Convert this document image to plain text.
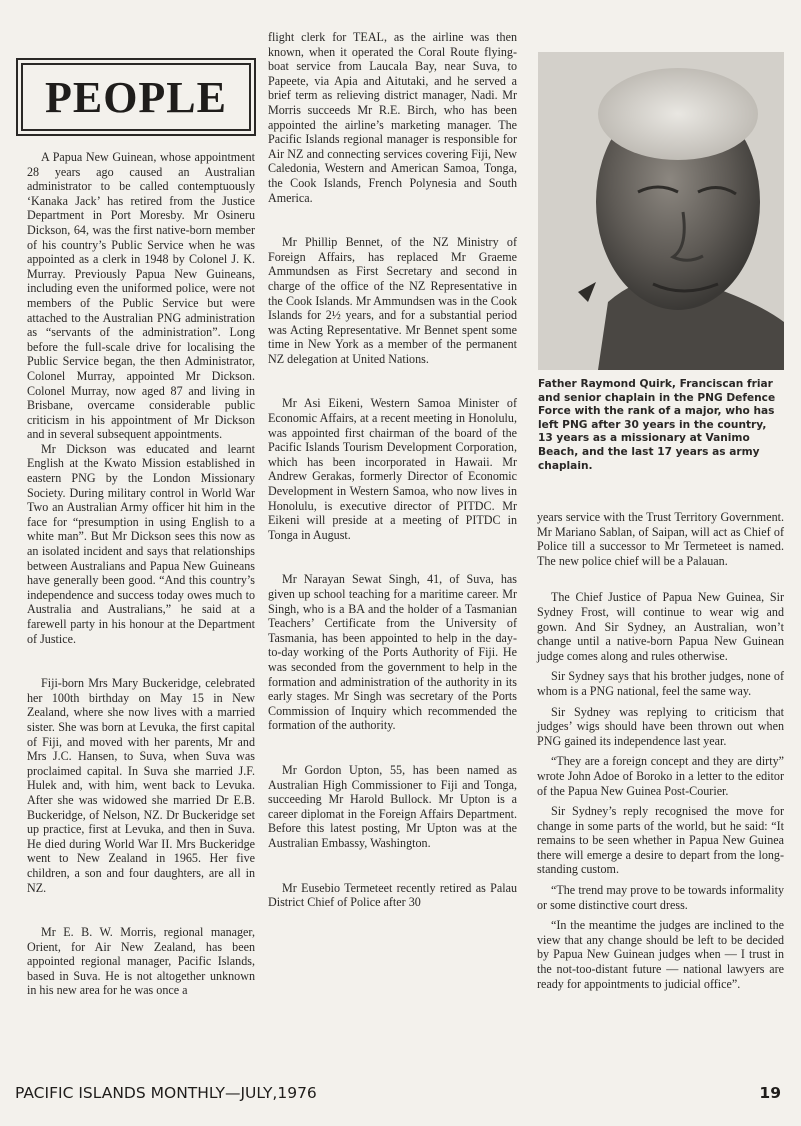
PEOPLE

A Papua New Guinean, whose appointment 28 years ago caused an Australian administrator to be called contemptuously ‘Kanaka Jack’ has retired from the Justice Department in Port Moresby. Mr Osineru Dickson, 64, was the first native-born member of his country’s Public Service when he was appointed as a clerk in 1948 by Colonel J. K. Murray. Previously Papua New Guineans, including even the uniformed police, were not members of the Public Service but were attached to the Australian PNG administration as “servants of the administration”. Long before the full-scale drive for localising the Public Service began, the then Administrator, Colonel Murray, appointed Mr Dickson. Colonel Murray, now aged 87 and living in Brisbane, overcame considerable public criticism in his appointment of Mr Dickson and in several subsequent appointments.

Mr Dickson was educated and learnt English at the Kwato Mission established in eastern PNG by the London Missionary Society. During military control in World War Two an Australian Army officer hit him in the face for “presumption in using English to a white man”. But Mr Dickson sees this now as an isolated incident and says that relationships between Australians and Papua New Guineans have generally been good. “And this country’s independence and success today owes much to Australia and Australians,” he said at a farewell party in his honour at the Department of Justice.

Fiji-born Mrs Mary Buckeridge, celebrated her 100th birthday on May 15 in New Zealand, where she now lives with a married sister. She was born at Levuka, the first capital of Fiji, and moved with her parents, Mr and Mrs J.C. Hansen, to Suva, when Suva was proclaimed capital. In Suva she married J.F. Hulek and, with him, went back to Levuka. After she was widowed she married Dr E.B. Buckeridge, of Nelson, NZ. Dr Buckeridge set up practice, first at Levuka, and then in Suva. He died during World War II. Mrs Buckeridge went to New Zealand in 1965. Her five children, a son and four daughters, are all in NZ.

Mr E. B. W. Morris, regional manager, Orient, for Air New Zealand, has been appointed regional manager, Pacific Islands, based in Suva. He is not altogether unknown in his new area for he was once a

flight clerk for TEAL, as the airline was then known, when it operated the Coral Route flying-boat service from Laucala Bay, near Suva, to Papeete, via Apia and Aitutaki, and he served a brief term as relieving district manager, Nadi. Mr Morris succeeds Mr R.E. Birch, who has been appointed the airline’s marketing manager. The Pacific Islands regional manager is responsible for Air NZ and connecting services covering Fiji, New Caledonia, Western and American Samoa, Tonga, the Cook Islands, French Polynesia and South America.

Mr Phillip Bennet, of the NZ Ministry of Foreign Affairs, has replaced Mr Graeme Ammundsen as First Secretary and second in charge of the office of the NZ Representative in the Cook Islands. Mr Ammundsen was in the Cook Islands for 2½ years, and for a substantial period was Acting Representative. Mr Bennet spent some time in New York as a member of the permanent NZ delegation at United Nations.

Mr Asi Eikeni, Western Samoa Minister of Economic Affairs, at a recent meeting in Honolulu, was appointed first chairman of the board of the Pacific Islands Tourism Development Corporation, which has been incorporated in Hawaii. Mr Andrew Gerakas, formerly Director of Economic Development in Western Samoa, who now lives in Honolulu, is executive director of PITDC. Mr Eikeni will preside at a meeting of PITDC in Tonga in August.

Mr Narayan Sewat Singh, 41, of Suva, has given up school teaching for a maritime career. Mr Singh, who is a BA and the holder of a Tasmanian Teachers’ Certificate from the University of Tasmania, has been appointed to help in the day-to-day working of the Ports Authority of Fiji. He was seconded from the government to help in the formation and administration of the authority in its early stages. Mr Singh was secretary of the Ports Commission of Inquiry which recommended the formation of the authority.

Mr Gordon Upton, 55, has been named as Australian High Commissioner to Fiji and Tonga, succeeding Mr Harold Bullock. Mr Upton is a career diplomat in the Foreign Affairs Department. Before this latest posting, Mr Upton was at the Australian Embassy, Washington.

Mr Eusebio Termeteet recently retired as Palau District Chief of Police after 30

Father Raymond Quirk, Franciscan friar and senior chaplain in the PNG Defence Force with the rank of a major, who has left PNG after 30 years in the country, 13 years as a missionary at Vanimo Beach, and the last 17 years as army chaplain.

years service with the Trust Territory Government. Mr Mariano Sablan, of Saipan, will act as Chief of Police till a successor to Mr Termeteet is named. The new police chief will be a Palauan.

The Chief Justice of Papua New Guinea, Sir Sydney Frost, will continue to wear wig and gown. And Sir Sydney, an Australian, won’t change until a native-born Papua New Guinean judge comes along and rules otherwise.

Sir Sydney says that his brother judges, none of whom is a PNG national, feel the same way.

Sir Sydney was replying to criticism that judges’ wigs should have been thrown out when PNG gained its independence last year.

“They are a foreign concept and they are dirty” wrote John Adoe of Boroko in a letter to the editor of the Papua New Guinea Post-Courier.

Sir Sydney’s reply recognised the move for change in some parts of the world, but he said: “It remains to be seen whether in Papua New Guinea there will emerge a desire to depart from the long-standing custom.

“The trend may prove to be towards informality or some distinctive court dress.

“In the meantime the judges are inclined to the view that any change should be left to be decided by Papua New Guinean judges when — I trust in the not-too-distant future — national lawyers are ready for appointments to judicial office”.

PACIFIC ISLANDS MONTHLY—JULY,1976	19
